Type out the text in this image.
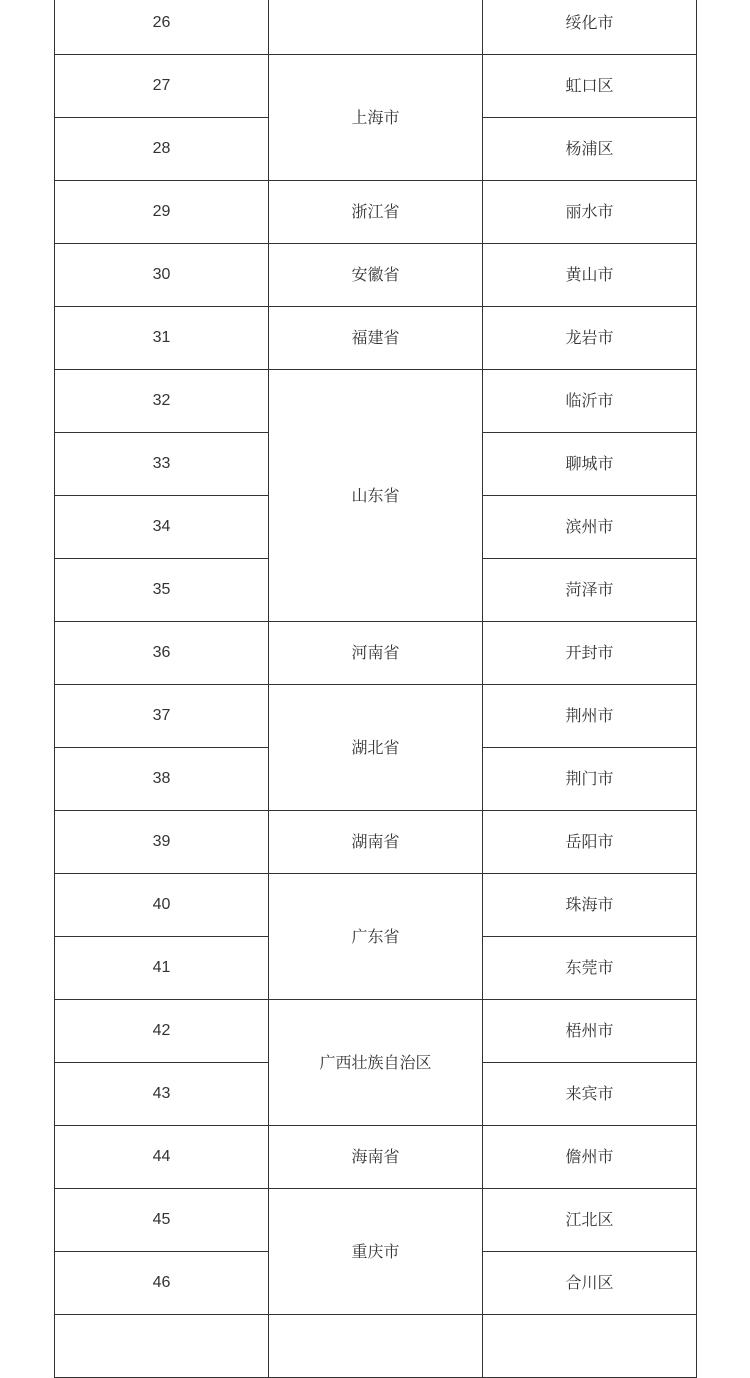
26		绥化市
27	上海市	虹口区
28		杨浦区
29	浙江省	丽水市
30	安徽省	黄山市
31	福建省	龙岩市
32	山东省	临沂市
33		聊城市
34		滨州市
35		菏泽市
36	河南省	开封市
37	湖北省	荆州市
38		荆门市
39	湖南省	岳阳市
40	广东省	珠海市
41		东莞市
42	广西壮族自治区	梧州市
43		来宾市
44	海南省	儋州市
45	重庆市	江北区
46		合川区
